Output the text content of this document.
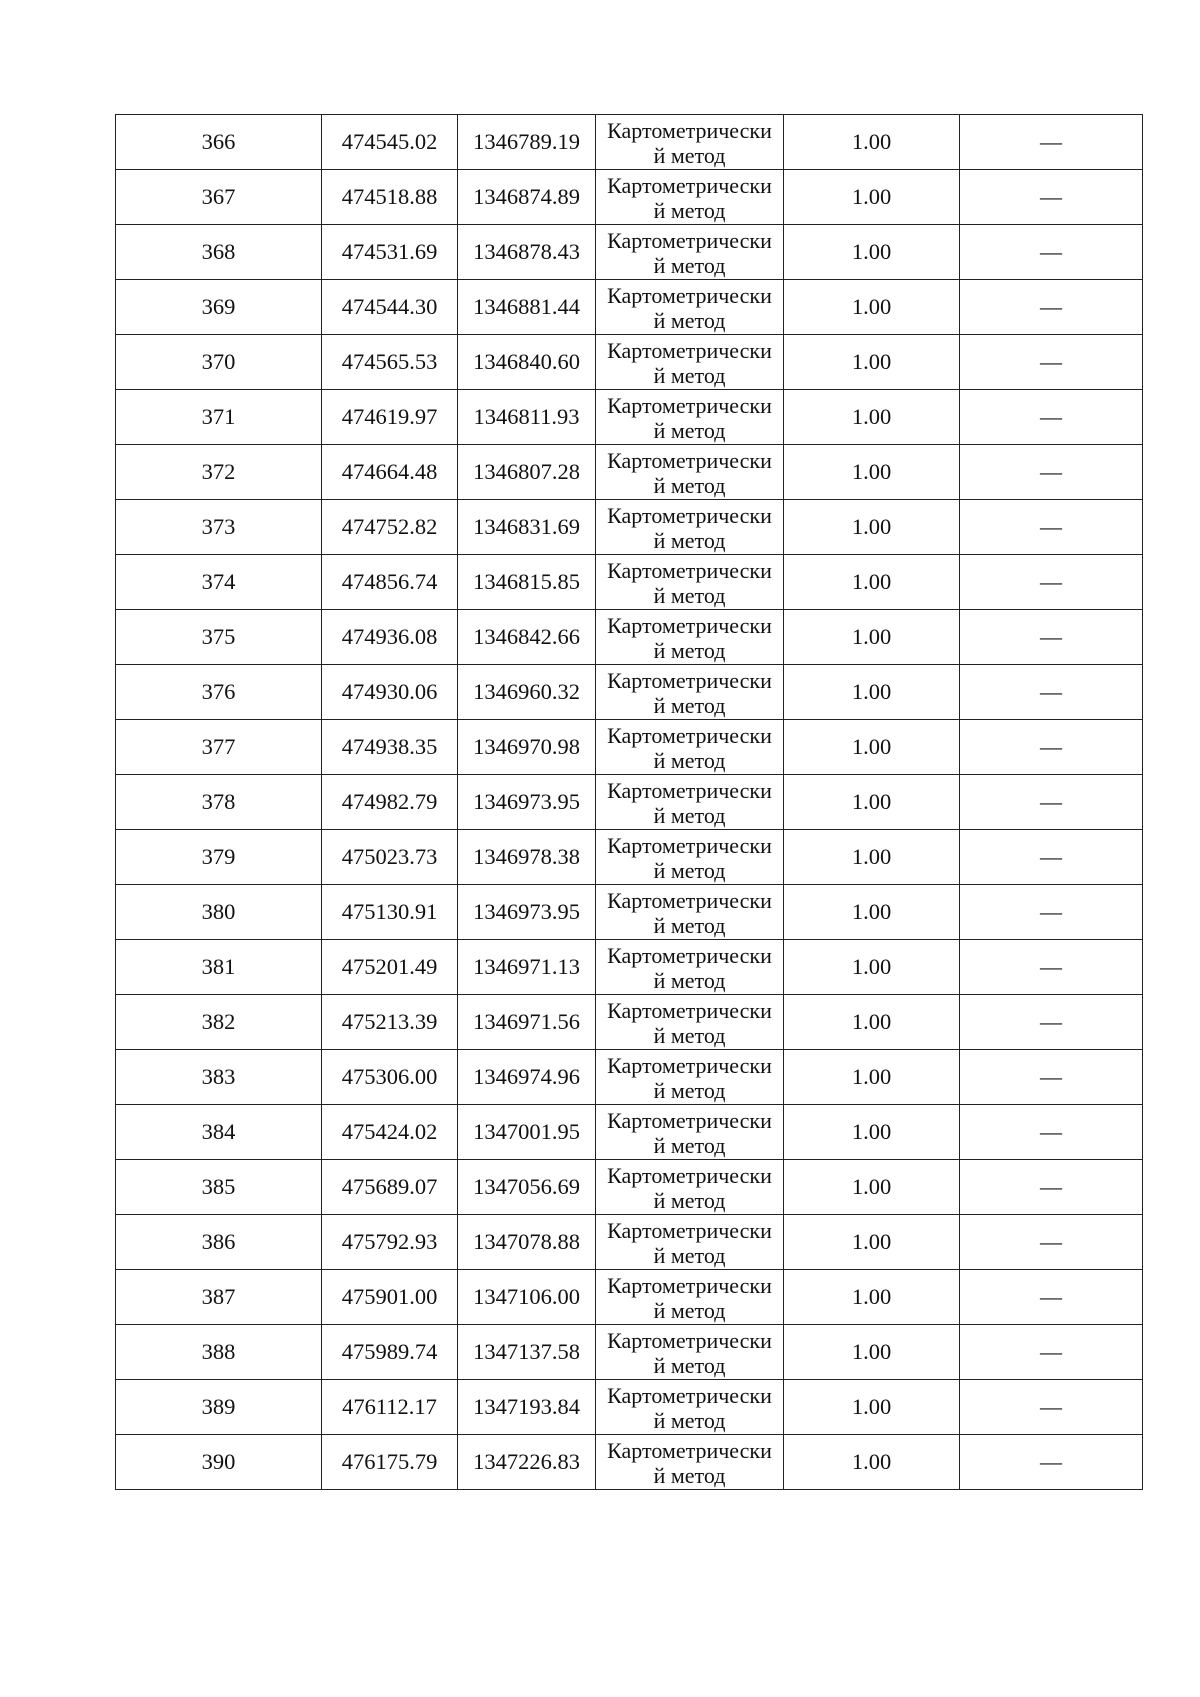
366	474545.02	1346789.19	Картометрически
й метод	1.00	—
367	474518.88	1346874.89	Картометрически
й метод	1.00	—
368	474531.69	1346878.43	Картометрически
й метод	1.00	—
369	474544.30	1346881.44	Картометрически
й метод	1.00	—
370	474565.53	1346840.60	Картометрически
й метод	1.00	—
371	474619.97	1346811.93	Картометрически
й метод	1.00	—
372	474664.48	1346807.28	Картометрически
й метод	1.00	—
373	474752.82	1346831.69	Картометрически
й метод	1.00	—
374	474856.74	1346815.85	Картометрически
й метод	1.00	—
375	474936.08	1346842.66	Картометрически
й метод	1.00	—
376	474930.06	1346960.32	Картометрически
й метод	1.00	—
377	474938.35	1346970.98	Картометрически
й метод	1.00	—
378	474982.79	1346973.95	Картометрически
й метод	1.00	—
379	475023.73	1346978.38	Картометрически
й метод	1.00	—
380	475130.91	1346973.95	Картометрически
й метод	1.00	—
381	475201.49	1346971.13	Картометрически
й метод	1.00	—
382	475213.39	1346971.56	Картометрически
й метод	1.00	—
383	475306.00	1346974.96	Картометрически
й метод	1.00	—
384	475424.02	1347001.95	Картометрически
й метод	1.00	—
385	475689.07	1347056.69	Картометрически
й метод	1.00	—
386	475792.93	1347078.88	Картометрически
й метод	1.00	—
387	475901.00	1347106.00	Картометрически
й метод	1.00	—
388	475989.74	1347137.58	Картометрически
й метод	1.00	—
389	476112.17	1347193.84	Картометрически
й метод	1.00	—
390	476175.79	1347226.83	Картометрически
й метод	1.00	—
